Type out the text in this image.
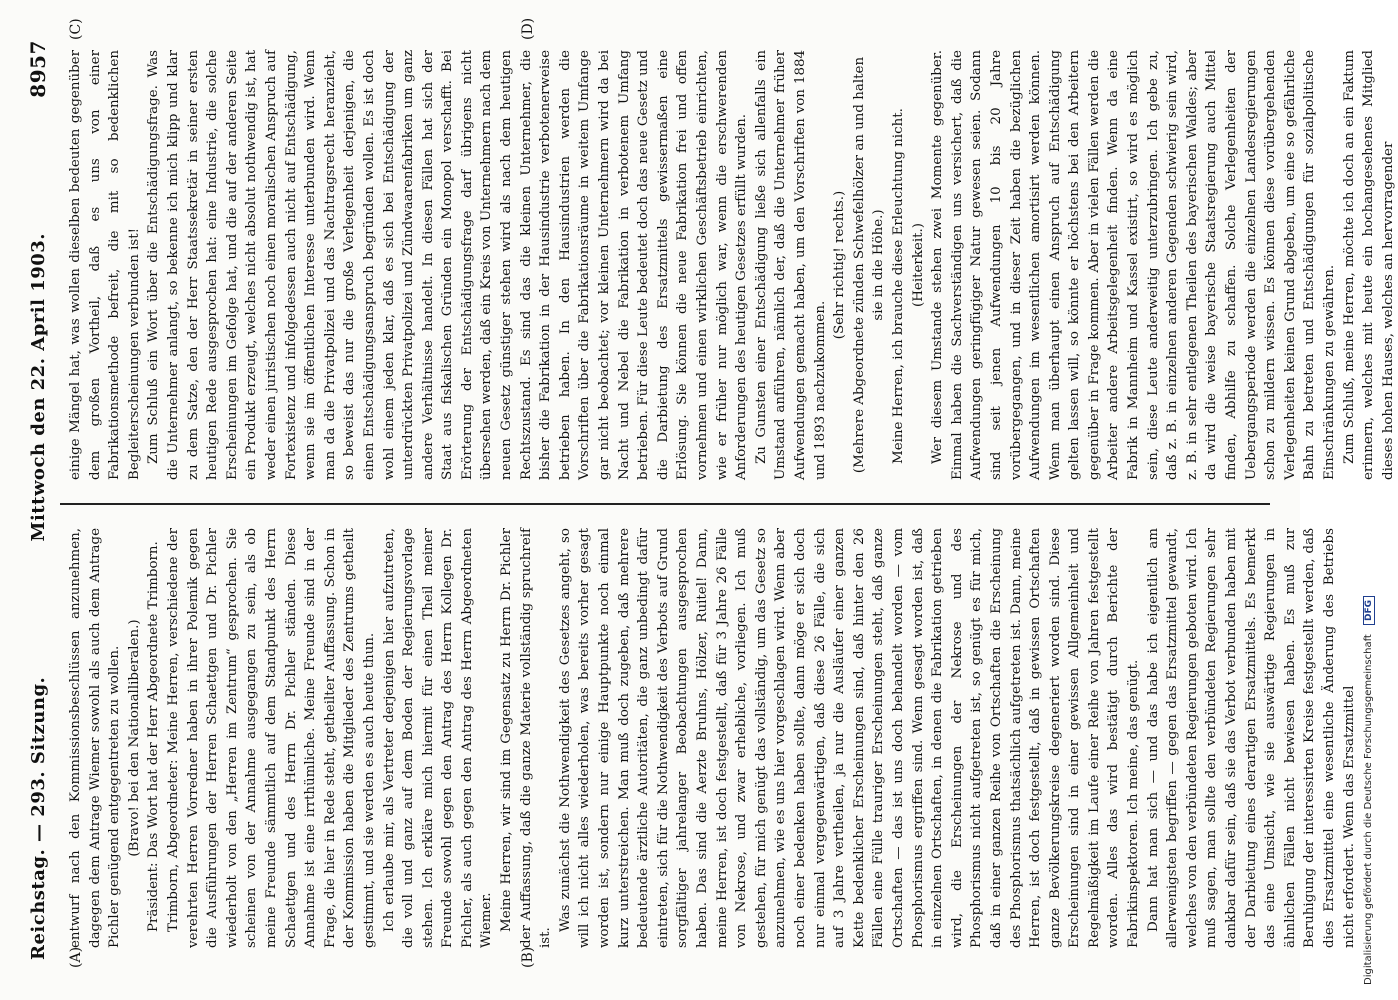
Reichstag. — 293. Sitzung.
Mittwoch den 22. April 1903.
8957
(A)	(B)
(C)	(D)

entwurf nach den Kommissionsbeschlüssen anzunehmen, dagegen dem Antrage Wiemer sowohl als auch dem Antrage Pichler genügend entgegentreten zu wollen. (Bravo! bei den Nationalliberalen.) Präsident: Das Wort hat der Herr Abgeordnete Trimborn. Trimborn, Abgeordneter: Meine Herren, verschiedene der verehrten Herren Vorredner haben in ihrer Polemik gegen die Ausführungen der Herren Schaettgen und Dr. Pichler wiederholt von den „Herren im Zentrum“ gesprochen. Sie scheinen von der Annahme ausgegangen zu sein, als ob meine Freunde sämmtlich auf dem Standpunkt des Herrn Schaettgen und des Herrn Dr. Pichler ständen. Diese Annahme ist eine irrthümliche. Meine Freunde sind in der Frage, die hier in Rede steht, getheilter Auffassung. Schon in der Kommission haben die Mitglieder des Zentrums getheilt gestimmt, und sie werden es auch heute thun. Ich erlaube mir, als Vertreter derjenigen hier aufzutreten, die voll und ganz auf dem Boden der Regierungsvorlage stehen. Ich erkläre mich hiermit für einen Theil meiner Freunde sowohl gegen den Antrag des Herrn Kollegen Dr. Pichler, als auch gegen den Antrag des Herrn Abgeordneten Wiemer. Meine Herren, wir sind im Gegensatz zu Herrn Dr. Pichler der Auffassung, daß die ganze Materie vollständig spruchreif ist.

Was zunächst die Nothwendigkeit des Gesetzes angeht, so will ich nicht alles wiederholen, was bereits vorher gesagt worden ist, sondern nur einige Hauptpunkte noch einmal kurz unterstreichen. Man muß doch zugeben, daß mehrere bedeutende ärztliche Autoritäten, die ganz unbedingt dafür eintreten, sich für die Nothwendigkeit des Verbots auf Grund sorgfältiger jahrelanger Beobachtungen ausgesprochen haben. Das sind die Aerzte Bruhns, Hölzer, Ruitel! Dann, meine Herren, ist doch festgestellt, daß für 3 Jahre 26 Fälle von Nekrose, und zwar erhebliche, vorliegen. Ich muß gestehen, für mich genügt das vollständig, um das Gesetz so anzunehmen, wie es uns hier vorgeschlagen wird. Wenn aber noch einer bedenken haben sollte, dann möge er sich doch nur einmal vergegenwärtigen, daß diese 26 Fälle, die sich auf 3 Jahre vertheilen, ja nur die Ausläufer einer ganzen Kette bedenklicher Erscheinungen sind, daß hinter den 26 Fällen eine Fülle trauriger Erscheinungen steht, daß ganze Ortschaften — das ist uns doch behandelt worden — vom Phosphorismus ergriffen sind. Wenn gesagt worden ist, daß in einzelnen Ortschaften, in denen die Fabrikation getrieben wird, die Erscheinungen der Nekrose und des Phosphorismus nicht aufgetreten ist, so genügt es für mich, daß in einer ganzen Reihe von Ortschaften die Erscheinung des Phosphorismus thatsächlich aufgetreten ist. Dann, meine Herren, ist doch festgestellt, daß in gewissen Ortschaften ganze Bevölkerungskreise degeneriert worden sind. Diese Erscheinungen sind in einer gewissen Allgemeinheit und Regelmäßigkeit im Laufe einer Reihe von Jahren festgestellt worden. Alles das wird bestätigt durch Berichte der Fabrikinspektoren. Ich meine, das genügt. Dann hat man sich — und das habe ich eigentlich am allerwenigsten begriffen — gegen das Ersatzmittel gewandt, welches von den verbündeten Regierungen geboten wird. Ich muß sagen, man sollte den verbündeten Regierungen sehr dankbar dafür sein, daß sie das Verbot verbunden haben mit der Darbietung eines derartigen Ersatzmittels. Es bemerkt das eine Umsicht, wie sie auswärtige Regierungen in ähnlichen Fällen nicht bewiesen haben. Es muß zur Beruhigung der interessirten Kreise festgestellt werden, daß dies Ersatzmittel eine wesentliche Änderung des Betriebs nicht erfordert. Wenn das Ersatzmittel

einige Mängel hat, was wollen dieselben bedeuten gegenüber dem großen Vortheil, daß es uns von einer Fabrikationsmethode befreit, die mit so bedenklichen Begleiterscheinungen verbunden ist! Zum Schluß ein Wort über die Entschädigungsfrage. Was die Unternehmer anlangt, so bekenne ich mich klipp und klar zu dem Satze, den der Herr Staatssekretär in seiner ersten heutigen Rede ausgesprochen hat: eine Industrie, die solche Erscheinungen im Gefolge hat, und die auf der anderen Seite ein Produkt erzeugt, welches nicht absolut nothwendig ist, hat weder einen juristischen noch einen moralischen Anspruch auf Fortexistenz und infolgedessen auch nicht auf Entschädigung, wenn sie im öffentlichen Interesse unterbunden wird. Wenn man da die Privatpolizei und das Nachtragsrecht heranzieht, so beweist das nur die große Verlegenheit derjenigen, die einen Entschädigungsanspruch begründen wollen. Es ist doch wohl einem jeden klar, daß es sich bei Entschädigung der unterdrückten Privatpolizei und Zündwaarenfabriken um ganz andere Verhältnisse handelt. In diesen Fällen hat sich der Staat aus fiskalischen Gründen ein Monopol verschafft. Bei Erörterung der Entschädigungsfrage darf übrigens nicht übersehen werden, daß ein Kreis von Unternehmern nach dem neuen Gesetz günstiger stehen wird als nach dem heutigen Rechtszustand. Es sind das die kleinen Unternehmer, die bisher die Fabrikation in der Hausindustrie verbotenerweise betrieben haben. In den Hausindustrien werden die Vorschriften über die Fabrikationsräume in weitem Umfange gar nicht beobachtet; vor kleinen Unternehmern wird da bei Nacht und Nebel die Fabrikation in verbotenem Umfang betrieben. Für diese Leute bedeutet doch das neue Gesetz und die Darbietung des Ersatzmittels gewissermaßen eine Erlösung. Sie können die neue Fabrikation frei und offen vornehmen und einen wirklichen Geschäftsbetrieb einrichten, wie er früher nur möglich war, wenn die erschwerenden Anforderungen des heutigen Gesetzes erfüllt wurden. Zu Gunsten einer Entschädigung ließe sich allenfalls ein Umstand anführen, nämlich der, daß die Unternehmer früher Aufwendungen gemacht haben, um den Vorschriften von 1884 und 1893 nachzukommen.

(Sehr richtig! rechts.) (Mehrere Abgeordnete zünden Schwefelhölzer an und halten sie in die Höhe.) Meine Herren, ich brauche diese Erleuchtung nicht. (Heiterkeit.) Wer diesem Umstande stehen zwei Momente gegenüber. Einmal haben die Sachverständigen uns versichert, daß die Aufwendungen geringfügiger Natur gewesen seien. Sodann sind seit jenen Aufwendungen 10 bis 20 Jahre vorübergegangen, und in dieser Zeit haben die bezüglichen Aufwendungen im wesentlichen amortisirt werden können. Wenn man überhaupt einen Anspruch auf Entschädigung gelten lassen will, so könnte er höchstens bei den Arbeitern gegenüber in Frage kommen. Aber in vielen Fällen werden die Arbeiter andere Arbeitsgelegenheit finden. Wenn da eine Fabrik in Mannheim und Kassel existirt, so wird es möglich sein, diese Leute anderweitig unterzubringen. Ich gebe zu, daß z. B. in einzelnen anderen Gegenden schwierig sein wird, z. B. in sehr entlegenen Theilen des bayerischen Waldes; aber da wird die weise bayerische Staatsregierung auch Mittel finden, Abhilfe zu schaffen. Solche Verlegenheiten der Uebergangsperiode werden die einzelnen Landesregierungen schon zu mildern wissen. Es können diese vorübergehenden Verlegenheiten keinen Grund abgeben, um eine so gefährliche Bahn zu betreten und Entschädigungen für sozialpolitische Einschränkungen zu gewähren. Zum Schluß, meine Herren, möchte ich doch an ein Faktum erinnern, welches mit heute ein hochangesehenes Mitglied dieses hohen Hauses, welches an hervorragender

Digitalisierung gefördert durch die Deutsche Forschungsgemeinschaft DFG
